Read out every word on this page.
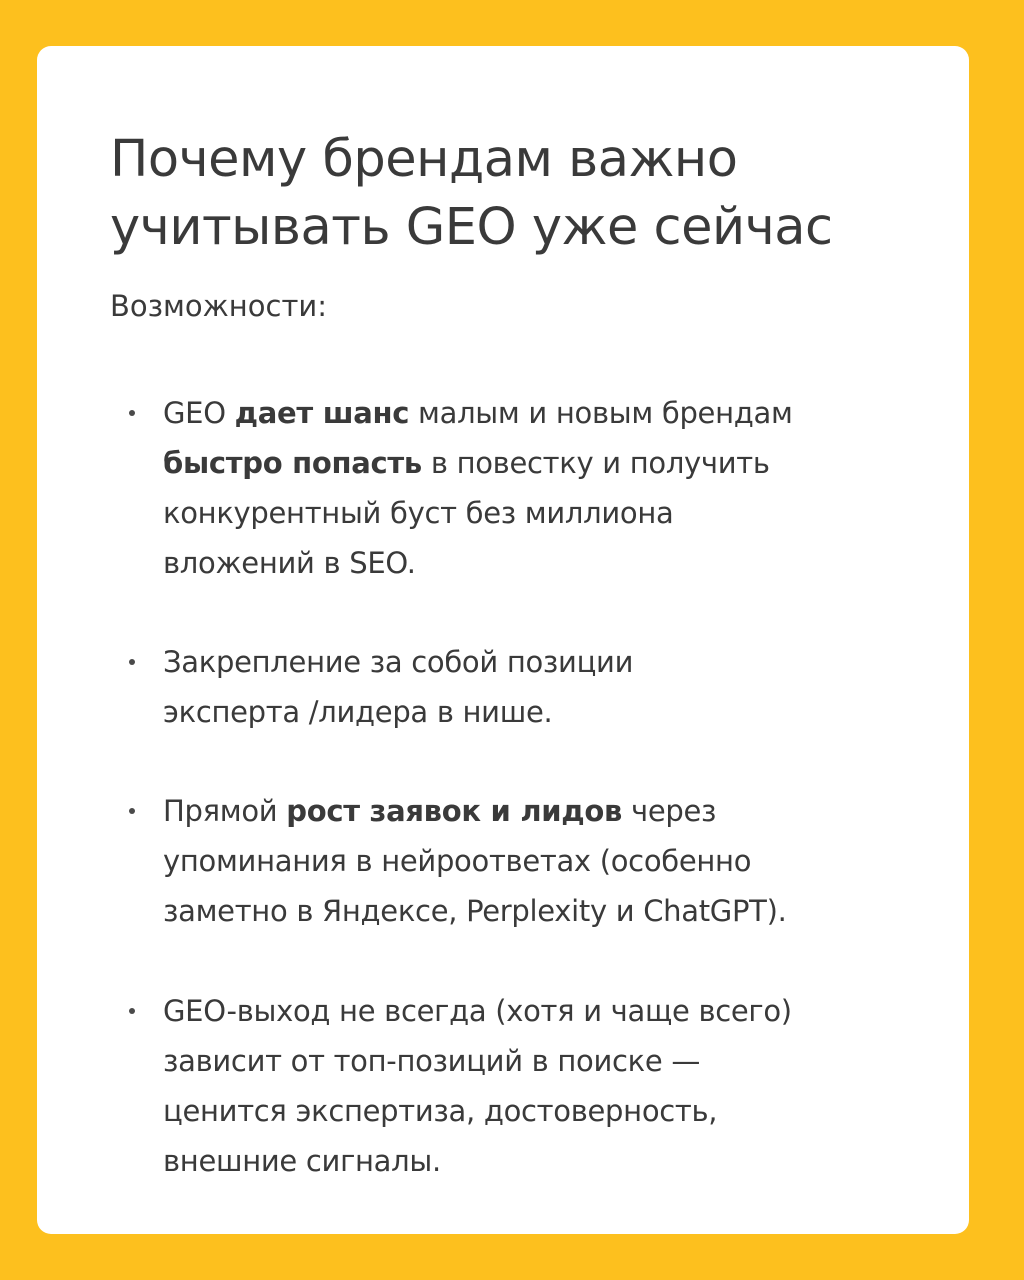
Почему брендам важно
учитывать GEO уже сейчас
Возможности:
GEO дает шанс малым и новым брендам
быстро попасть в повестку и получить
конкурентный буст без миллиона
вложений в SEO.
Закрепление за собой позиции
эксперта /лидера в нише.
Прямой рост заявок и лидов через
упоминания в нейроответах (особенно
заметно в Яндексе, Perplexity и ChatGPT).
GEO-выход не всегда (хотя и чаще всего)
зависит от топ-позиций в поиске —
ценится экспертиза, достоверность,
внешние сигналы.
